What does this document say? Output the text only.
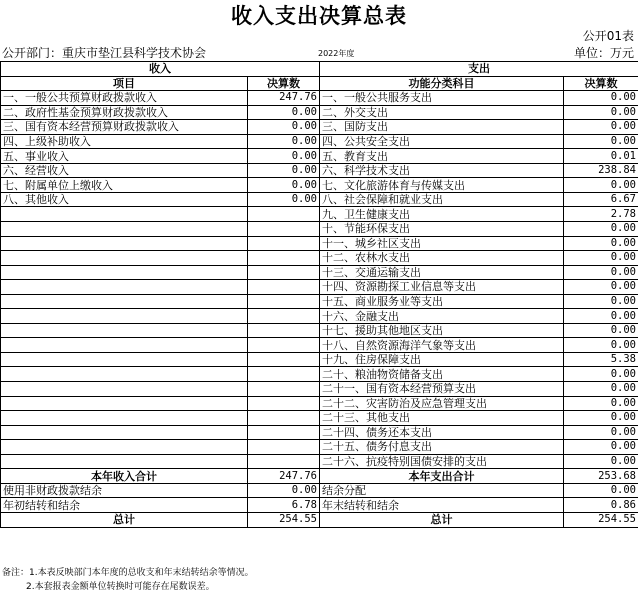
收入支出决算总表
公开01表
公开部门：重庆市垫江县科学技术协会	2022年度	单位：万元
收入		支出	
项目	决算数	功能分类科目	决算数
一、一般公共预算财政拨款收入	247.76	一、一般公共服务支出	0.00
二、政府性基金预算财政拨款收入	0.00	二、外交支出	0.00
三、国有资本经营预算财政拨款收入	0.00	三、国防支出	0.00
四、上级补助收入	0.00	四、公共安全支出	0.00
五、事业收入	0.00	五、教育支出	0.01
六、经营收入	0.00	六、科学技术支出	238.84
七、附属单位上缴收入	0.00	七、文化旅游体育与传媒支出	0.00
八、其他收入	0.00	八、社会保障和就业支出	6.67
		九、卫生健康支出	2.78
		十、节能环保支出	0.00
		十一、城乡社区支出	0.00
		十二、农林水支出	0.00
		十三、交通运输支出	0.00
		十四、资源勘探工业信息等支出	0.00
		十五、商业服务业等支出	0.00
		十六、金融支出	0.00
		十七、援助其他地区支出	0.00
		十八、自然资源海洋气象等支出	0.00
		十九、住房保障支出	5.38
		二十、粮油物资储备支出	0.00
		二十一、国有资本经营预算支出	0.00
		二十二、灾害防治及应急管理支出	0.00
		二十三、其他支出	0.00
		二十四、债务还本支出	0.00
		二十五、债务付息支出	0.00
		二十六、抗疫特别国债安排的支出	0.00
本年收入合计	247.76	本年支出合计	253.68
使用非财政拨款结余	0.00	结余分配	0.00
年初结转和结余	6.78	年末结转和结余	0.86
总计	254.55	总计	254.55
备注：1.本表反映部门本年度的总收支和年末结转结余等情况。
2.本套报表金额单位转换时可能存在尾数误差。
